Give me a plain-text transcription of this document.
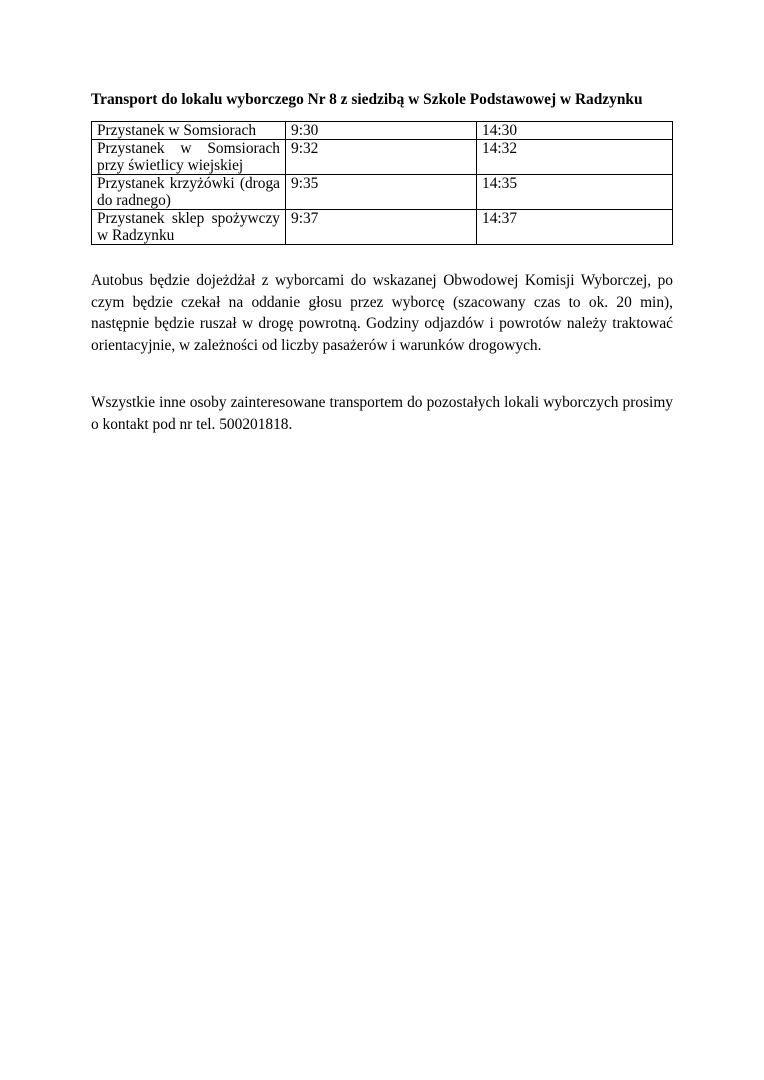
Transport do lokalu wyborczego Nr 8 z siedzibą w Szkole Podstawowej w Radzynku
Przystanek w Somsiorach	9:30	14:30
Przystanek w Somsiorach przy świetlicy wiejskiej	9:32	14:32
Przystanek krzyżówki (droga do radnego)	9:35	14:35
Przystanek sklep spożywczy w Radzynku	9:37	14:37

Autobus będzie dojeżdżał z wyborcami do wskazanej Obwodowej Komisji Wyborczej, po czym będzie czekał na oddanie głosu przez wyborcę (szacowany czas to ok. 20 min), następnie będzie ruszał w drogę powrotną. Godziny odjazdów i powrotów należy traktować orientacyjnie, w zależności od liczby pasażerów i warunków drogowych.

Wszystkie inne osoby zainteresowane transportem do pozostałych lokali wyborczych prosimy o kontakt pod nr tel. 500201818.
